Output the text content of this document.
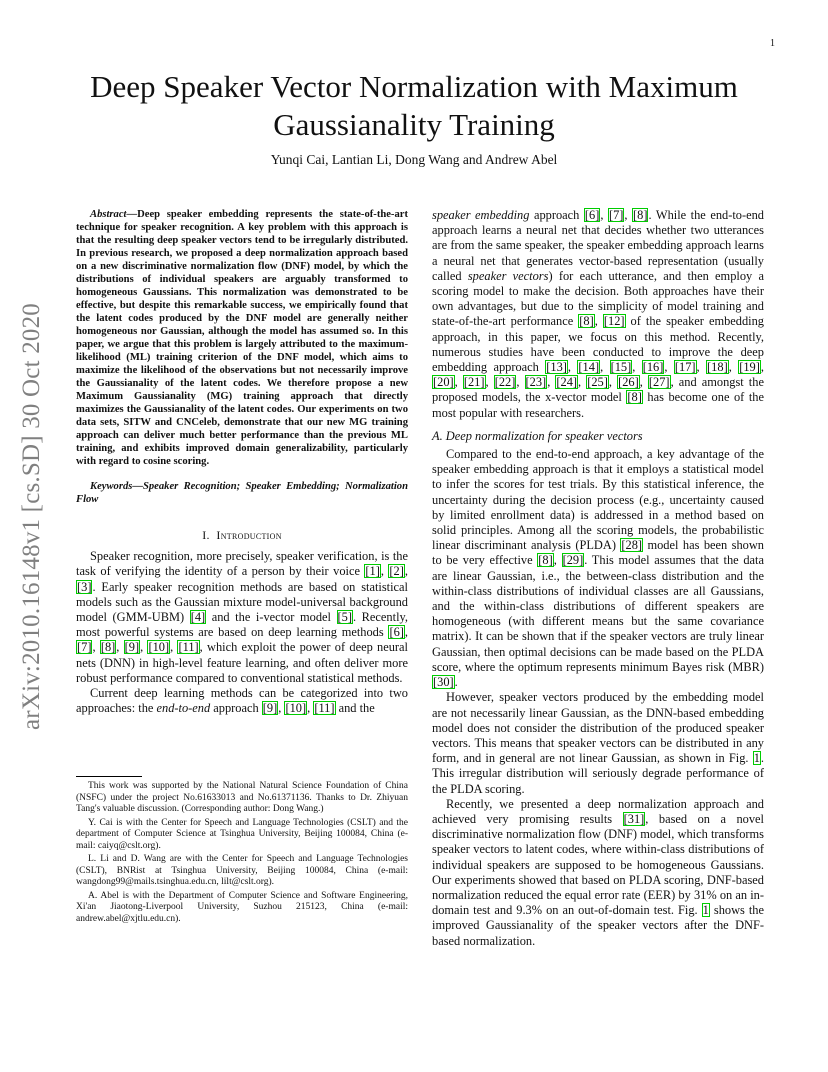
1
arXiv:2010.16148v1 [cs.SD] 30 Oct 2020
Deep Speaker Vector Normalization with Maximum Gaussianality Training
Yunqi Cai, Lantian Li, Dong Wang and Andrew Abel

Abstract—Deep speaker embedding represents the state-of-the-art technique for speaker recognition. A key problem with this approach is that the resulting deep speaker vectors tend to be irregularly distributed. In previous research, we proposed a deep normalization approach based on a new discriminative normalization flow (DNF) model, by which the distributions of individual speakers are arguably transformed to homogeneous Gaussians. This normalization was demonstrated to be effective, but despite this remarkable success, we empirically found that the latent codes produced by the DNF model are generally neither homogeneous nor Gaussian, although the model has assumed so. In this paper, we argue that this problem is largely attributed to the maximum-likelihood (ML) training criterion of the DNF model, which aims to maximize the likelihood of the observations but not necessarily improve the Gaussianality of the latent codes. We therefore propose a new Maximum Gaussianality (MG) training approach that directly maximizes the Gaussianality of the latent codes. Our experiments on two data sets, SITW and CNCeleb, demonstrate that our new MG training approach can deliver much better performance than the previous ML training, and exhibits improved domain generalizability, particularly with regard to cosine scoring.

Keywords—Speaker Recognition; Speaker Embedding; Normalization Flow

I. Introduction

Speaker recognition, more precisely, speaker verification, is the task of verifying the identity of a person by their voice [1], [2], [3]. Early speaker recognition methods are based on statistical models such as the Gaussian mixture model-universal background model (GMM-UBM) [4] and the i-vector model [5]. Recently, most powerful systems are based on deep learning methods [6], [7], [8], [9], [10], [11], which exploit the power of deep neural nets (DNN) in high-level feature learning, and often deliver more robust performance compared to conventional statistical methods.

Current deep learning methods can be categorized into two approaches: the end-to-end approach [9], [10], [11] and the

This work was supported by the National Natural Science Foundation of China (NSFC) under the project No.61633013 and No.61371136. Thanks to Dr. Zhiyuan Tang's valuable discussion. (Corresponding author: Dong Wang.)

Y. Cai is with the Center for Speech and Language Technologies (CSLT) and the department of Computer Science at Tsinghua University, Beijing 100084, China (e-mail: caiyq@cslt.org).

L. Li and D. Wang are with the Center for Speech and Language Technologies (CSLT), BNRist at Tsinghua University, Beijing 100084, China (e-mail: wangdong99@mails.tsinghua.edu.cn, lilt@cslt.org).

A. Abel is with the Department of Computer Science and Software Engineering, Xi'an Jiaotong-Liverpool University, Suzhou 215123, China (e-mail: andrew.abel@xjtlu.edu.cn).

speaker embedding approach [6], [7], [8]. While the end-to-end approach learns a neural net that decides whether two utterances are from the same speaker, the speaker embedding approach learns a neural net that generates vector-based representation (usually called speaker vectors) for each utterance, and then employ a scoring model to make the decision. Both approaches have their own advantages, but due to the simplicity of model training and state-of-the-art performance [8], [12] of the speaker embedding approach, in this paper, we focus on this method. Recently, numerous studies have been conducted to improve the deep embedding approach [13], [14], [15], [16], [17], [18], [19], [20], [21], [22], [23], [24], [25], [26], [27], and amongst the proposed models, the x-vector model [8] has become one of the most popular with researchers.

A. Deep normalization for speaker vectors

Compared to the end-to-end approach, a key advantage of the speaker embedding approach is that it employs a statistical model to infer the scores for test trials. By this statistical inference, the uncertainty during the decision process (e.g., uncertainty caused by limited enrollment data) is addressed in a method based on solid principles. Among all the scoring models, the probabilistic linear discriminant analysis (PLDA) [28] model has been shown to be very effective [8], [29]. This model assumes that the data are linear Gaussian, i.e., the between-class distribution and the within-class distributions of individual classes are all Gaussians, and the within-class distributions of different speakers are homogeneous (with different means but the same covariance matrix). It can be shown that if the speaker vectors are truly linear Gaussian, then optimal decisions can be made based on the PLDA score, where the optimum represents minimum Bayes risk (MBR) [30].

However, speaker vectors produced by the embedding model are not necessarily linear Gaussian, as the DNN-based embedding model does not consider the distribution of the produced speaker vectors. This means that speaker vectors can be distributed in any form, and in general are not linear Gaussian, as shown in Fig. 1. This irregular distribution will seriously degrade performance of the PLDA scoring.

Recently, we presented a deep normalization approach and achieved very promising results [31], based on a novel discriminative normalization flow (DNF) model, which transforms speaker vectors to latent codes, where within-class distributions of individual speakers are supposed to be homogeneous Gaussians. Our experiments showed that based on PLDA scoring, DNF-based normalization reduced the equal error rate (EER) by 31% on an in-domain test and 9.3% on an out-of-domain test. Fig. 1 shows the improved Gaussianality of the speaker vectors after the DNF-based normalization.
